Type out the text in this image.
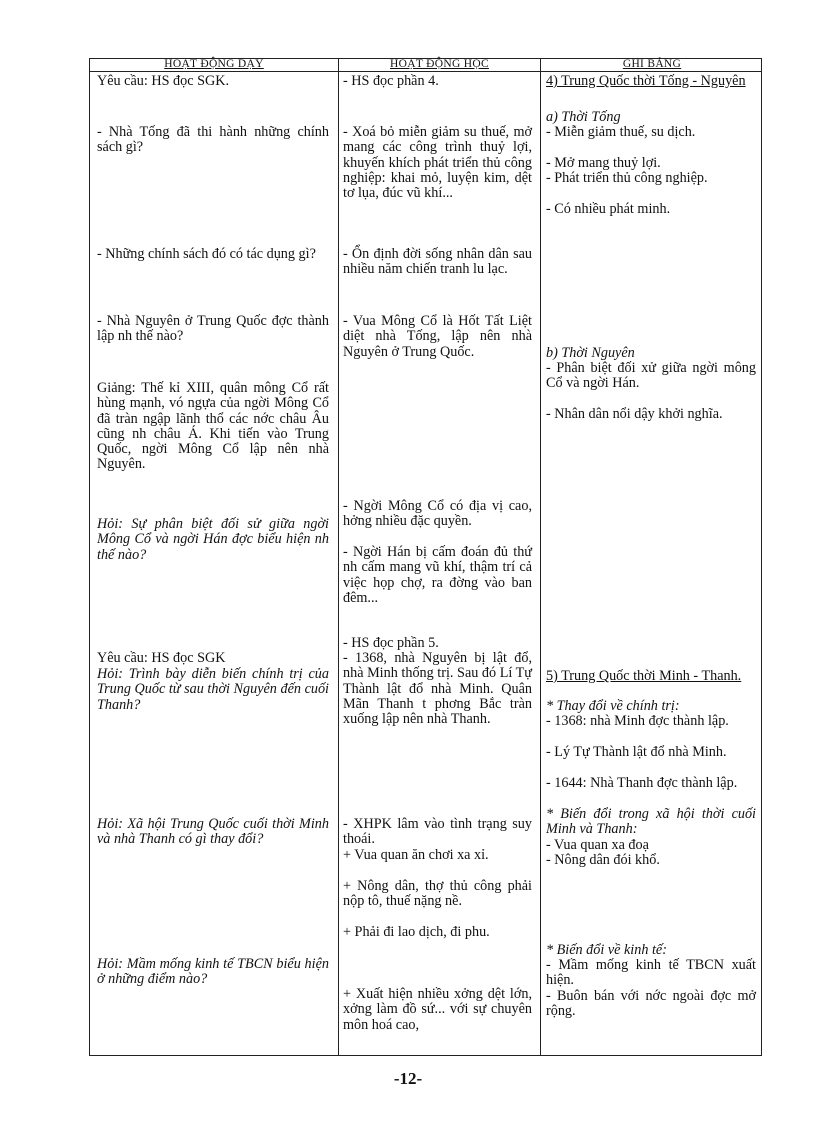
HOẠT ĐỘNG DẠY	HOẠT ĐỘNG HỌC	GHI BẢNG
Yêu cầu: HS đọc SGK.
- Nhà Tống đã thi hành những chính sách gì?
- Những chính sách đó có tác dụng gì?
- Nhà Nguyên ở Trung Quốc đợc thành lập nh thế nào?
Giảng: Thế kỉ XIII, quân mông Cổ rất hùng mạnh, vó ngựa của ngời Mông Cổ đã tràn ngập lãnh thổ các nớc châu Âu cũng nh châu Á. Khi tiến vào Trung Quốc, ngời Mông Cổ lập nên nhà Nguyên.
Hỏi: Sự phân biệt đối sử giữa ngời Mông Cổ và ngời Hán đợc biểu hiện nh thế nào?
Yêu cầu: HS đọc SGK
Hỏi: Trình bày diễn biến chính trị của Trung Quốc từ sau thời Nguyên đến cuối Thanh?
Hỏi: Xã hội Trung Quốc cuối thời Minh và nhà Thanh có gì thay đổi?
Hỏi: Mầm mống kinh tế TBCN biểu hiện ở những điểm nào?
- HS đọc phần 4.
- Xoá bỏ miễn giảm su thuế, mở mang các công trình thuỷ lợi, khuyến khích phát triển thủ công nghiệp: khai mỏ, luyện kim, dệt tơ lụa, đúc vũ khí...
- Ổn định đời sống nhân dân sau nhiều năm chiến tranh lu lạc.
- Vua Mông Cổ là Hốt Tất Liệt diệt nhà Tống, lập nên nhà Nguyên ở Trung Quốc.
- Ngời Mông Cổ có địa vị cao, hởng nhiều đặc quyền.
- Ngời Hán bị cấm đoán đủ thứ nh cấm mang vũ khí, thậm trí cả việc họp chợ, ra đờng vào ban đêm...
- HS đọc phần 5.
- 1368, nhà Nguyên bị lật đổ, nhà Minh thống trị. Sau đó Lí Tự Thành lật đổ nhà Minh. Quân Mãn Thanh t phơng Bắc tràn xuống lập nên nhà Thanh.
- XHPK lâm vào tình trạng suy thoái.
+ Vua quan ăn chơi xa xỉ.
+ Nông dân, thợ thủ công phải nộp tô, thuế nặng nề.
+ Phải đi lao dịch, đi phu.
+ Xuất hiện nhiều xởng dệt lớn, xởng làm đồ sứ... với sự chuyên môn hoá cao,
4) Trung Quốc thời Tống - Nguyên
a) Thời Tống
- Miễn giảm thuế, su dịch.
- Mở mang thuỷ lợi.
- Phát triển thủ công nghiệp.
- Có nhiều phát minh.
b) Thời Nguyên
- Phân biệt đối xử giữa ngời mông Cổ và ngời Hán.
- Nhân dân nổi dậy khởi nghĩa.
5) Trung Quốc thời Minh - Thanh.
* Thay đổi về chính trị:
- 1368: nhà Minh đợc thành lập.
- Lý Tự Thành lật đổ nhà Minh.
- 1644: Nhà Thanh đợc thành lập.
* Biến đổi trong xã hội thời cuối Minh và Thanh:
- Vua quan xa đoạ
- Nông dân đói khổ.
* Biến đổi về kinh tế:
- Mầm mống kinh tế TBCN xuất hiện.
- Buôn bán với nớc ngoài đợc mở rộng.
-12-
